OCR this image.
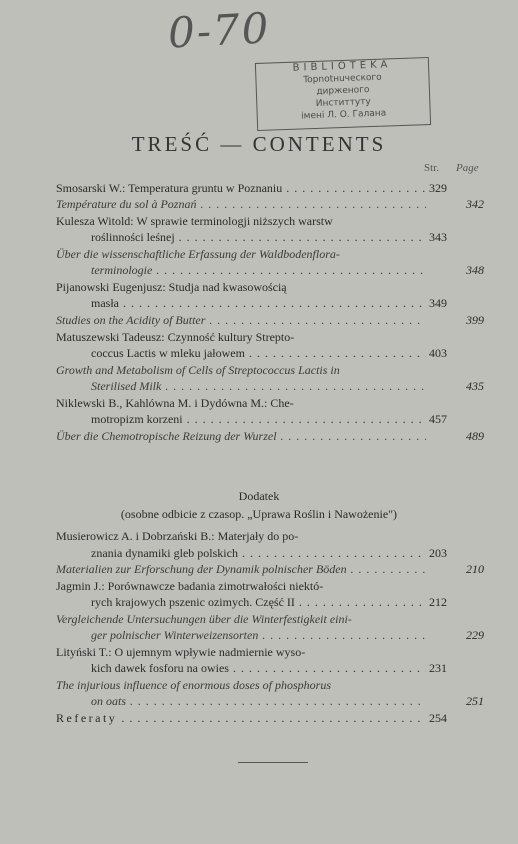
0-70
BIBLIOTEKA
Topnotнuческого
дирженого
Инститтуту
імені Л. О. Галана
TREŚĆ — CONTENTS
Str. Page
Smosarski W.: Temperatura gruntu w Poznaniu . .	329
Température du sol à Poznań . .	342
Kulesza Witold: W sprawie terminologji niższych warstw
roślinności leśnej . .	343
Über die wissenschaftliche Erfassung der Waldbodenflora-
terminologie . .	348
Pijanowski Eugenjusz: Studja nad kwasowością
masła . .	349
Studies on the Acidity of Butter . .	399
Matuszewski Tadeusz: Czynność kultury Strepto-
coccus Lactis w mleku jałowem . .	403
Growth and Metabolism of Cells of Streptococcus Lactis in
Sterilised Milk . .	435
Niklewski B., Kahlówna M. i Dydówna M.: Che-
motropizm korzeni . .	457
Über die Chemotropische Reizung der Wurzel . .	489
Dodatek
(osobne odbicie z czasop. „Uprawa Roślin i Nawożenie")
Musierowicz A. i Dobrzański B.: Materjały do po-
znania dynamiki gleb polskich . .	203
Materialien zur Erforschung der Dynamik polnischer Böden . .	210
Jagmin J.: Porównawcze badania zimotrwałości niektó-
rych krajowych pszenic ozimych. Część II . .	212
Vergleichende Untersuchungen über die Winterfestigkeit eini-
ger polnischer Winterweizensorten . .	229
Lityński T.: O ujemnym wpływie nadmiernie wyso-
kich dawek fosforu na owies . .	231
The injurious influence of enormous doses of phosphorus
on oats . .	251
Referaty . .	254
